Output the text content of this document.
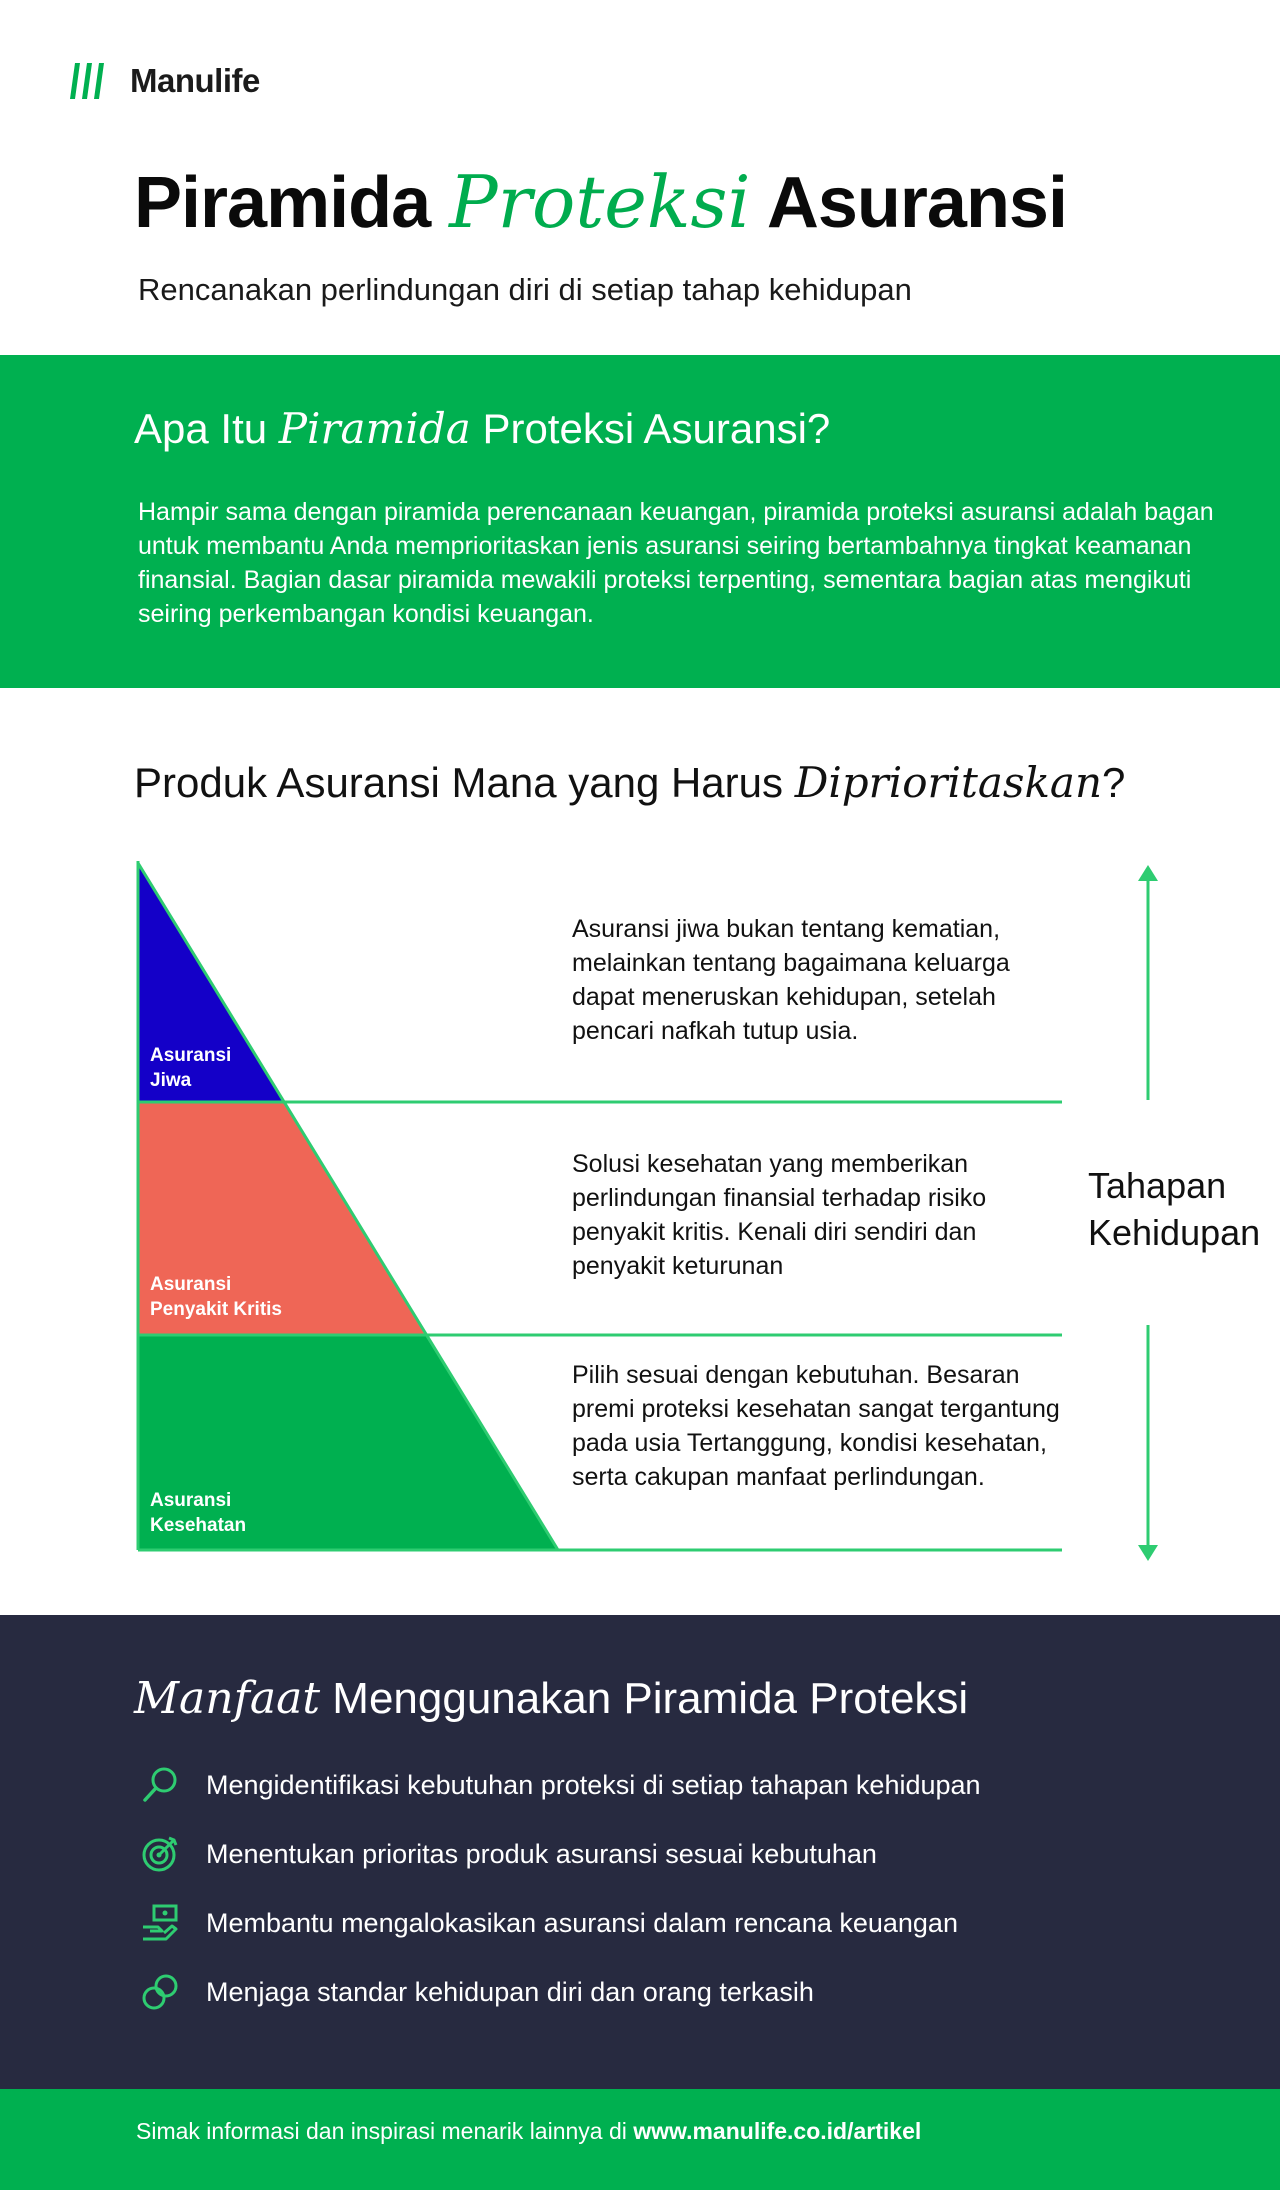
Manulife
Piramida Proteksi Asuransi
Rencanakan perlindungan diri di setiap tahap kehidupan
Apa Itu Piramida Proteksi Asuransi?

Hampir sama dengan piramida perencanaan keuangan, piramida proteksi asuransi adalah bagan untuk membantu Anda memprioritaskan jenis asuransi seiring bertambahnya tingkat keamanan finansial. Bagian dasar piramida mewakili proteksi terpenting, sementara bagian atas mengikuti seiring perkembangan kondisi keuangan.

Produk Asuransi Mana yang Harus Diprioritaskan?
Asuransi
Jiwa
Asuransi
Penyakit Kritis
Asuransi
Kesehatan

Asuransi jiwa bukan tentang kematian, melainkan tentang bagaimana keluarga dapat meneruskan kehidupan, setelah pencari nafkah tutup usia.

Solusi kesehatan yang memberikan perlindungan finansial terhadap risiko penyakit kritis. Kenali diri sendiri dan penyakit keturunan

Pilih sesuai dengan kebutuhan. Besaran premi proteksi kesehatan sangat tergantung pada usia Tertanggung, kondisi kesehatan, serta cakupan manfaat perlindungan.

Tahapan
Kehidupan
Manfaat Menggunakan Piramida Proteksi
Mengidentifikasi kebutuhan proteksi di setiap tahapan kehidupan
Menentukan prioritas produk asuransi sesuai kebutuhan
Membantu mengalokasikan asuransi dalam rencana keuangan
Menjaga standar kehidupan diri dan orang terkasih
Simak informasi dan inspirasi menarik lainnya di www.manulife.co.id/artikel
